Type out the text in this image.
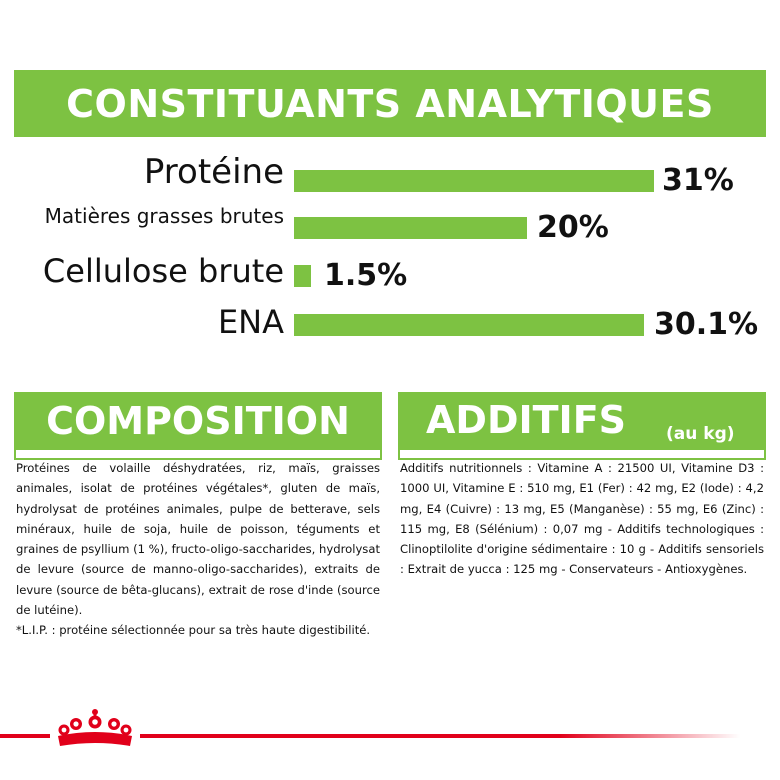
CONSTITUANTS ANALYTIQUES
Protéine	31%
Matières grasses brutes	20%
Cellulose brute 1.5%
ENA	30.1%
COMPOSITION
Protéines de volaille déshydratées, riz, maïs, graisses animales, isolat de protéines végétales*, gluten de maïs, hydrolysat de protéines animales, pulpe de betterave, sels minéraux, huile de soja, huile de poisson, téguments et graines de psyllium (1 %), fructo-oligo-saccharides, hydrolysat de levure (source de manno-oligo-saccharides), extraits de levure (source de bêta-glucans), extrait de rose d'inde (source de lutéine).
*L.I.P. : protéine sélectionnée pour sa très haute digestibilité.
ADDITIFS (au kg)
Additifs nutritionnels : Vitamine A : 21500 UI, Vitamine D3 : 1000 UI, Vitamine E : 510 mg, E1 (Fer) : 42 mg, E2 (Iode) : 4,2 mg, E4 (Cuivre) : 13 mg, E5 (Manganèse) : 55 mg, E6 (Zinc) : 115 mg, E8 (Sélénium) : 0,07 mg - Additifs technologiques : Clinoptilolite d'origine sédimentaire : 10 g - Additifs sensoriels : Extrait de yucca : 125 mg - Conservateurs - Antioxygènes.
